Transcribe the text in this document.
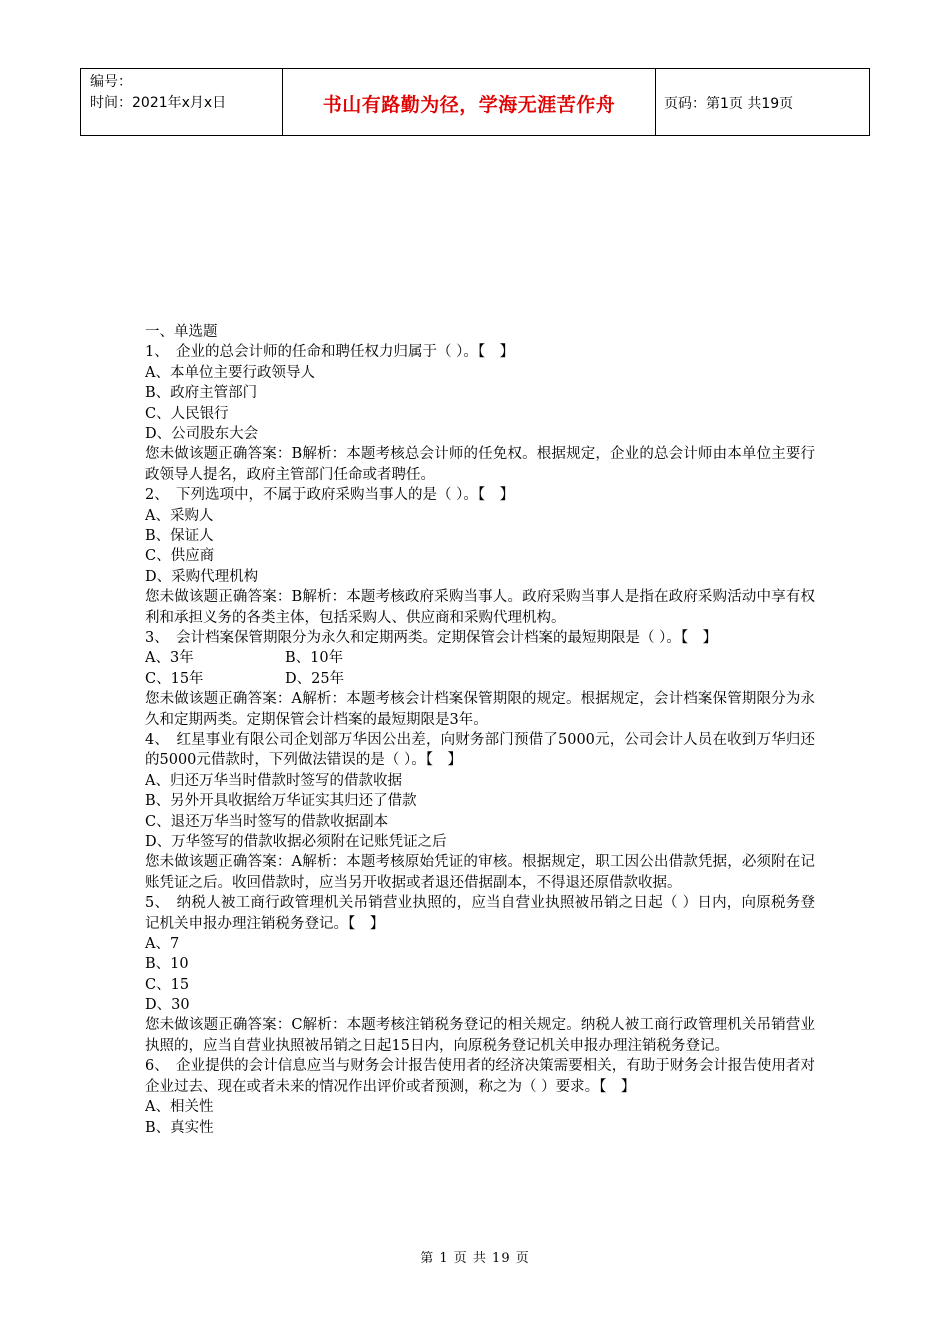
编号：
时间：2021年x月x日	书山有路勤为径，学海无涯苦作舟	页码：第1页 共19页
一、单选题
1、　企业的总会计师的任命和聘任权力归属于（ ）。【　】
A、本单位主要行政领导人
B、政府主管部门
C、人民银行
D、公司股东大会
您未做该题正确答案：B解析：本题考核总会计师的任免权。根据规定，企业的总会计师由本单位主要行政领导人提名，政府主管部门任命或者聘任。
2、　下列选项中，不属于政府采购当事人的是（ ）。【　】
A、采购人
B、保证人
C、供应商
D、采购代理机构
您未做该题正确答案：B解析：本题考核政府采购当事人。政府采购当事人是指在政府采购活动中享有权利和承担义务的各类主体，包括采购人、供应商和采购代理机构。
3、　会计档案保管期限分为永久和定期两类。定期保管会计档案的最短期限是（ ）。【　】
A、3年	B、10年
C、15年	D、25年
您未做该题正确答案：A解析：本题考核会计档案保管期限的规定。根据规定，会计档案保管期限分为永久和定期两类。定期保管会计档案的最短期限是3年。
4、　红星事业有限公司企划部万华因公出差，向财务部门预借了5000元，公司会计人员在收到万华归还的5000元借款时，下列做法错误的是（ ）。【　】
A、归还万华当时借款时签写的借款收据
B、另外开具收据给万华证实其归还了借款
C、退还万华当时签写的借款收据副本
D、万华签写的借款收据必须附在记账凭证之后
您未做该题正确答案：A解析：本题考核原始凭证的审核。根据规定，职工因公出借款凭据，必须附在记账凭证之后。收回借款时，应当另开收据或者退还借据副本，不得退还原借款收据。
5、　纳税人被工商行政管理机关吊销营业执照的，应当自营业执照被吊销之日起（ ）日内，向原税务登记机关申报办理注销税务登记。【　】
A、7
B、10
C、15
D、30
您未做该题正确答案：C解析：本题考核注销税务登记的相关规定。纳税人被工商行政管理机关吊销营业执照的，应当自营业执照被吊销之日起15日内，向原税务登记机关申报办理注销税务登记。
6、　企业提供的会计信息应当与财务会计报告使用者的经济决策需要相关，有助于财务会计报告使用者对企业过去、现在或者未来的情况作出评价或者预测，称之为（ ）要求。【　】
A、相关性
B、真实性
第 1 页 共 19 页
